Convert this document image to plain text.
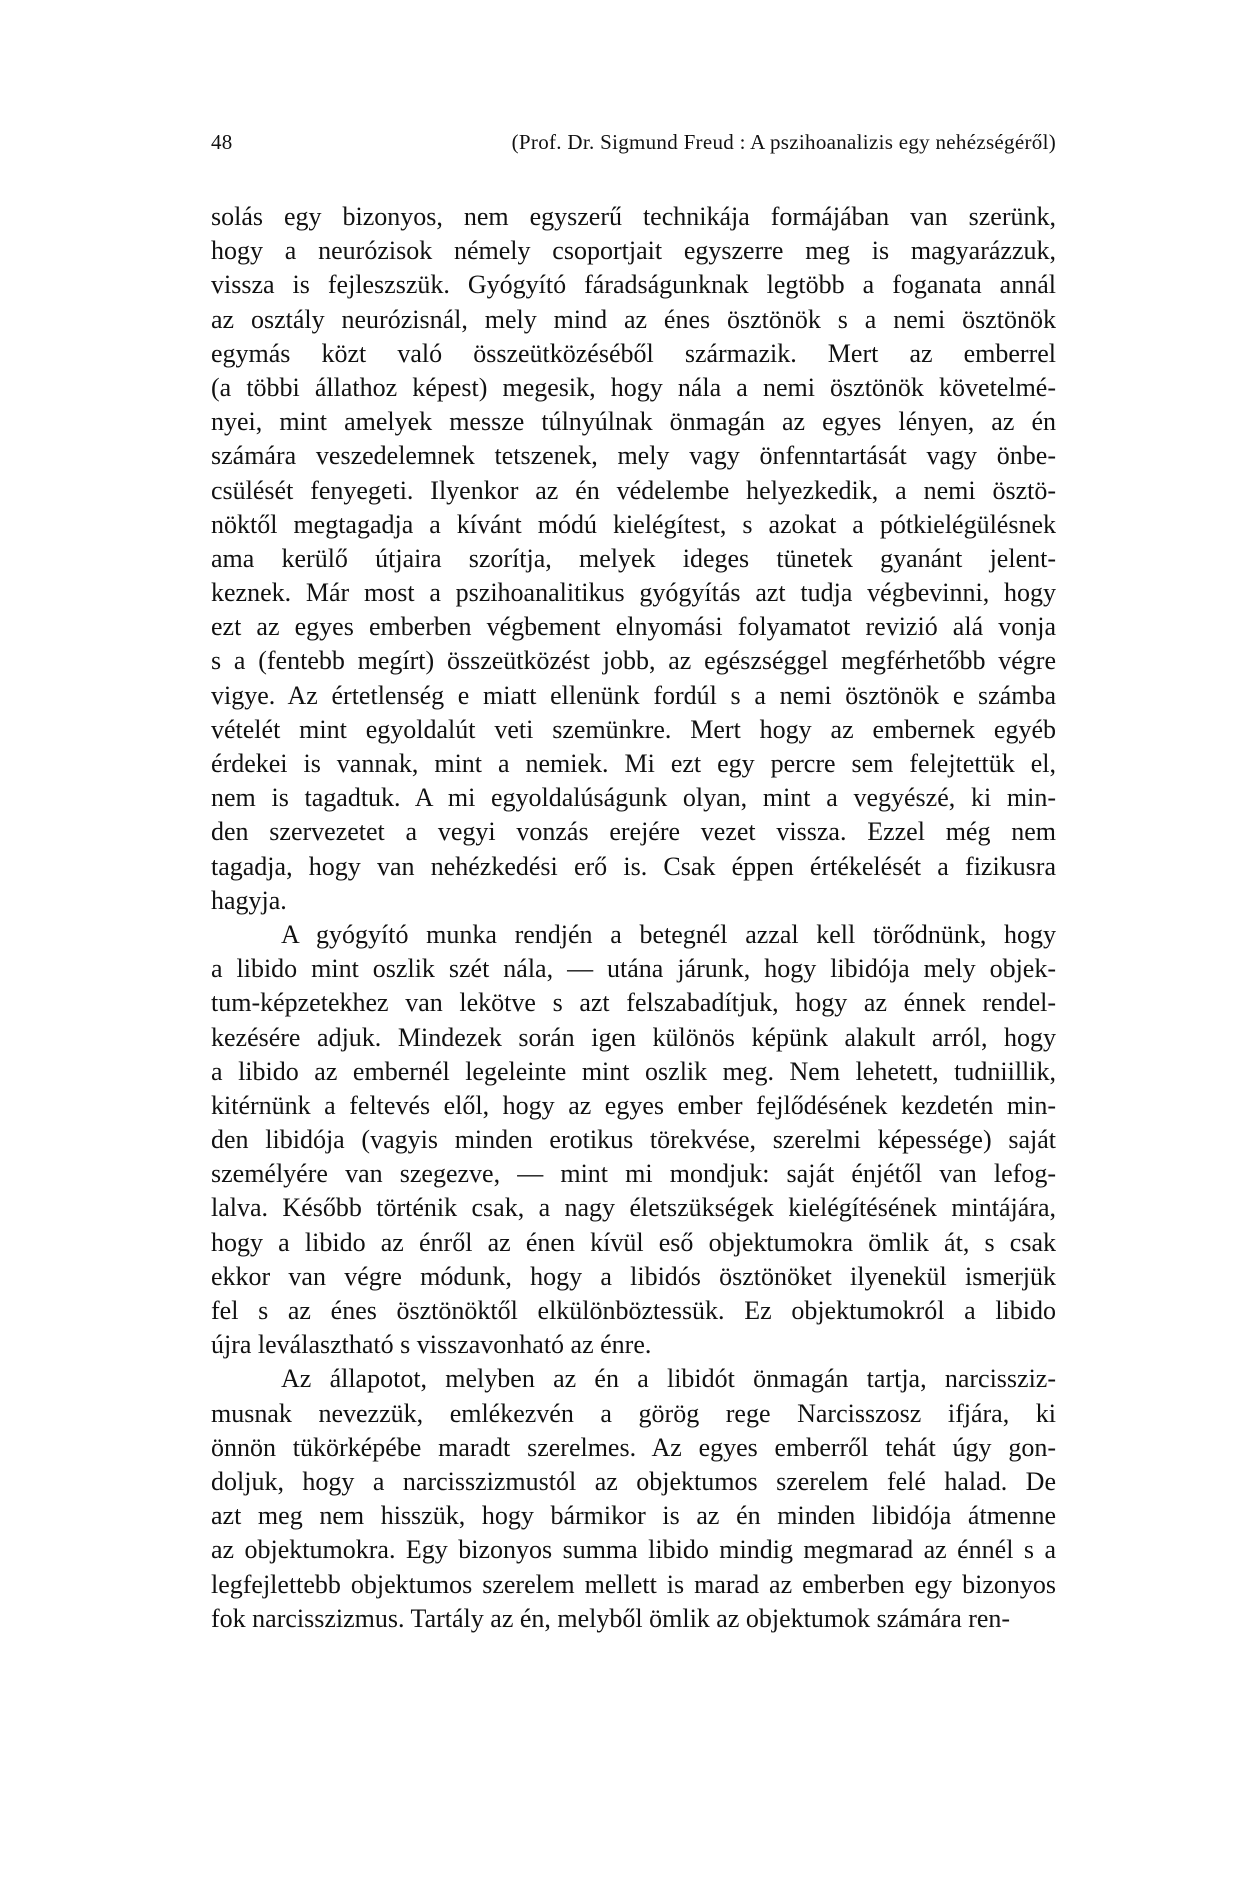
48	(Prof. Dr. Sigmund Freud : A pszihoanalizis egy nehézségéről)
solás egy bizonyos, nem egyszerű technikája formájában van szerünk,
hogy a neurózisok némely csoportjait egyszerre meg is magyarázzuk,
vissza is fejleszszük. Gyógyító fáradságunknak legtöbb a foganata annál
az osztály neurózisnál, mely mind az énes ösztönök s a nemi ösztönök
egymás közt való összeütközéséből származik. Mert az emberrel
(a többi állathoz képest) megesik, hogy nála a nemi ösztönök követelmé-
nyei, mint amelyek messze túlnyúlnak önmagán az egyes lényen, az én
számára veszedelemnek tetszenek, mely vagy önfenntartását vagy önbe-
csülését fenyegeti. Ilyenkor az én védelembe helyezkedik, a nemi ösztö-
nöktől megtagadja a kívánt módú kielégítest, s azokat a pótkielégülésnek
ama kerülő útjaira szorítja, melyek ideges tünetek gyanánt jelent-
keznek. Már most a pszihoanalitikus gyógyítás azt tudja végbevinni, hogy
ezt az egyes emberben végbement elnyomási folyamatot revizió alá vonja
s a (fentebb megírt) összeütközést jobb, az egészséggel megférhetőbb végre
vigye. Az értetlenség e miatt ellenünk fordúl s a nemi ösztönök e számba
vételét mint egyoldalút veti szemünkre. Mert hogy az embernek egyéb
érdekei is vannak, mint a nemiek. Mi ezt egy percre sem felejtettük el,
nem is tagadtuk. A mi egyoldalúságunk olyan, mint a vegyészé, ki min-
den szervezetet a vegyi vonzás erejére vezet vissza. Ezzel még nem
tagadja, hogy van nehézkedési erő is. Csak éppen értékelését a fizikusra
hagyja.
A gyógyító munka rendjén a betegnél azzal kell törődnünk, hogy
a libido mint oszlik szét nála, — utána járunk, hogy libidója mely objek-
tum-képzetekhez van lekötve s azt felszabadítjuk, hogy az énnek rendel-
kezésére adjuk. Mindezek során igen különös képünk alakult arról, hogy
a libido az embernél legeleinte mint oszlik meg. Nem lehetett, tudniillik,
kitérnünk a feltevés elől, hogy az egyes ember fejlődésének kezdetén min-
den libidója (vagyis minden erotikus törekvése, szerelmi képessége) saját
személyére van szegezve, — mint mi mondjuk: saját énjétől van lefog-
lalva. Később történik csak, a nagy életszükségek kielégítésének mintájára,
hogy a libido az énről az énen kívül eső objektumokra ömlik át, s csak
ekkor van végre módunk, hogy a libidós ösztönöket ilyenekül ismerjük
fel s az énes ösztönöktől elkülönböztessük. Ez objektumokról a libido
újra leválasztható s visszavonható az énre.
Az állapotot, melyben az én a libidót önmagán tartja, narcissziz-
musnak nevezzük, emlékezvén a görög rege Narcisszosz ifjára, ki
önnön tükörképébe maradt szerelmes. Az egyes emberről tehát úgy gon-
doljuk, hogy a narcisszizmustól az objektumos szerelem felé halad. De
azt meg nem hisszük, hogy bármikor is az én minden libidója átmenne
az objektumokra. Egy bizonyos summa libido mindig megmarad az énnél s a
legfejlettebb objektumos szerelem mellett is marad az emberben egy bizonyos
fok narcisszizmus. Tartály az én, melyből ömlik az objektumok számára ren-
